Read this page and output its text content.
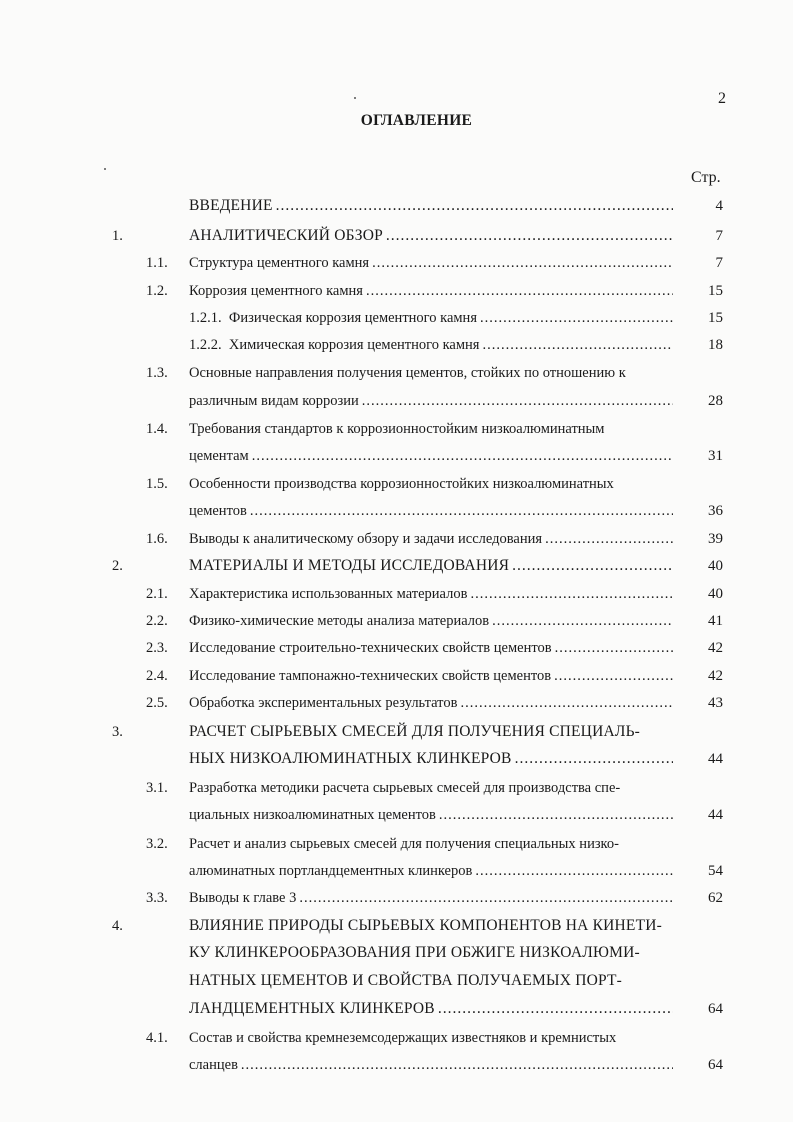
2
ОГЛАВЛЕНИЕ
Стр.
ВВЕДЕНИЕ .....	4
1.	АНАЛИТИЧЕСКИЙ ОБЗОР .....	7
1.1. Структура цементного камня .....	7
1.2. Коррозия цементного камня .....	15
1.2.1. Физическая коррозия цементного камня .....	15
1.2.2. Химическая коррозия цементного камня .....	18
1.3. Основные направления получения цементов, стойких по отношению к
различным видам коррозии .....	28
1.4. Требования стандартов к коррозионностойким низкоалюминатным
цементам .....	31
1.5. Особенности производства коррозионностойких низкоалюминатных
цементов .....	36
1.6. Выводы к аналитическому обзору и задачи исследования .....	39
2.	МАТЕРИАЛЫ И МЕТОДЫ ИССЛЕДОВАНИЯ .....	40
2.1. Характеристика использованных материалов .....	40
2.2. Физико-химические методы анализа материалов .....	41
2.3. Исследование строительно-технических свойств цементов .....	42
2.4. Исследование тампонажно-технических свойств цементов .....	42
2.5. Обработка экспериментальных результатов .....	43
3.	РАСЧЕТ СЫРЬЕВЫХ СМЕСЕЙ ДЛЯ ПОЛУЧЕНИЯ СПЕЦИАЛЬ-
НЫХ НИЗКОАЛЮМИНАТНЫХ КЛИНКЕРОВ .....	44
3.1. Разработка методики расчета сырьевых смесей для производства спе-
циальных низкоалюминатных цементов .....	44
3.2. Расчет и анализ сырьевых смесей для получения специальных низко-
алюминатных портландцементных клинкеров .....	54
3.3. Выводы к главе 3 .....	62
4.	ВЛИЯНИЕ ПРИРОДЫ СЫРЬЕВЫХ КОМПОНЕНТОВ НА КИНЕТИ-
КУ КЛИНКЕРООБРАЗОВАНИЯ ПРИ ОБЖИГЕ НИЗКОАЛЮМИ-
НАТНЫХ ЦЕМЕНТОВ И СВОЙСТВА ПОЛУЧАЕМЫХ ПОРТ-
ЛАНДЦЕМЕНТНЫХ КЛИНКЕРОВ .....	64
4.1. Состав и свойства кремнеземсодержащих известняков и кремнистых
сланцев .....	64
